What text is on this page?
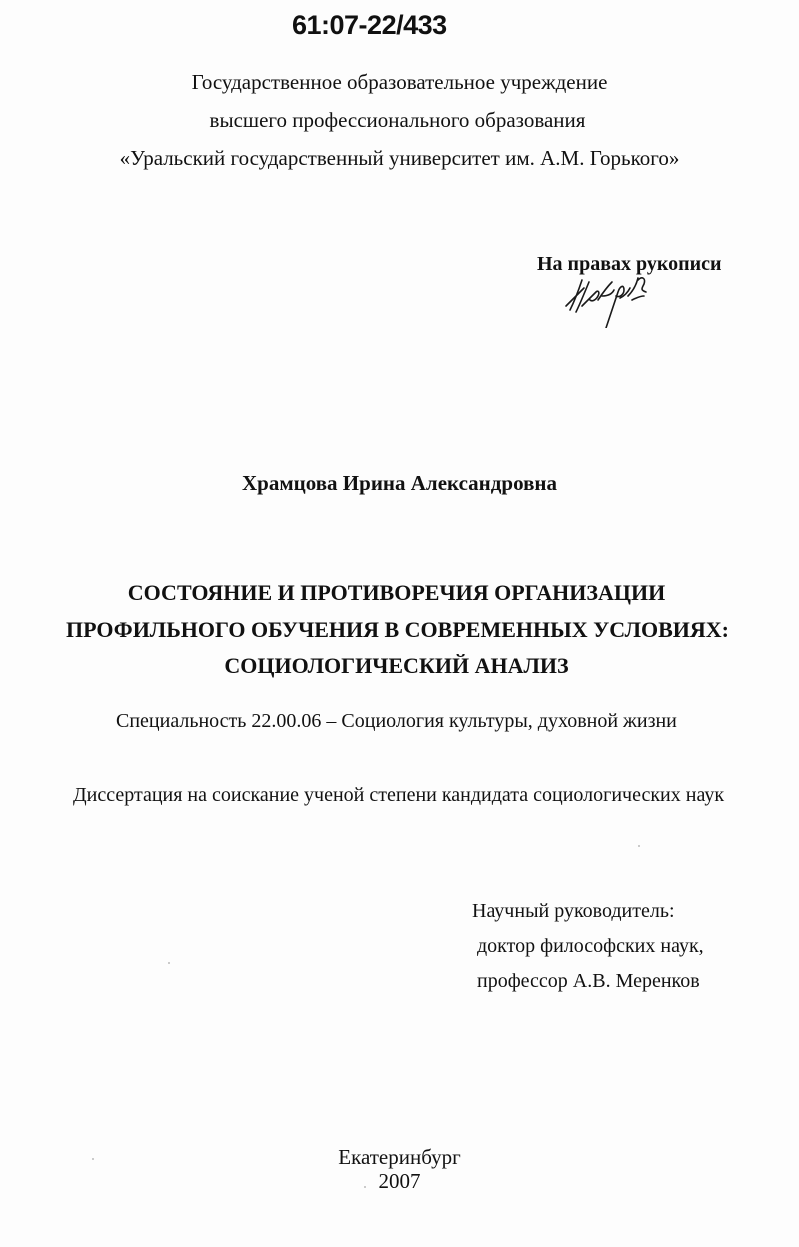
61:07-22/433
Государственное образовательное учреждение
высшего профессионального образования
«Уральский государственный университет им. А.М. Горького»
На правах рукописи
Храмцова Ирина Александровна
СОСТОЯНИЕ И ПРОТИВОРЕЧИЯ ОРГАНИЗАЦИИ
ПРОФИЛЬНОГО ОБУЧЕНИЯ В СОВРЕМЕННЫХ УСЛОВИЯХ:
СОЦИОЛОГИЧЕСКИЙ АНАЛИЗ
Специальность 22.00.06 – Социология культуры, духовной жизни
Диссертация на соискание ученой степени кандидата социологических наук
Научный руководитель:
доктор философских наук,
профессор А.В. Меренков
Екатеринбург
2007
